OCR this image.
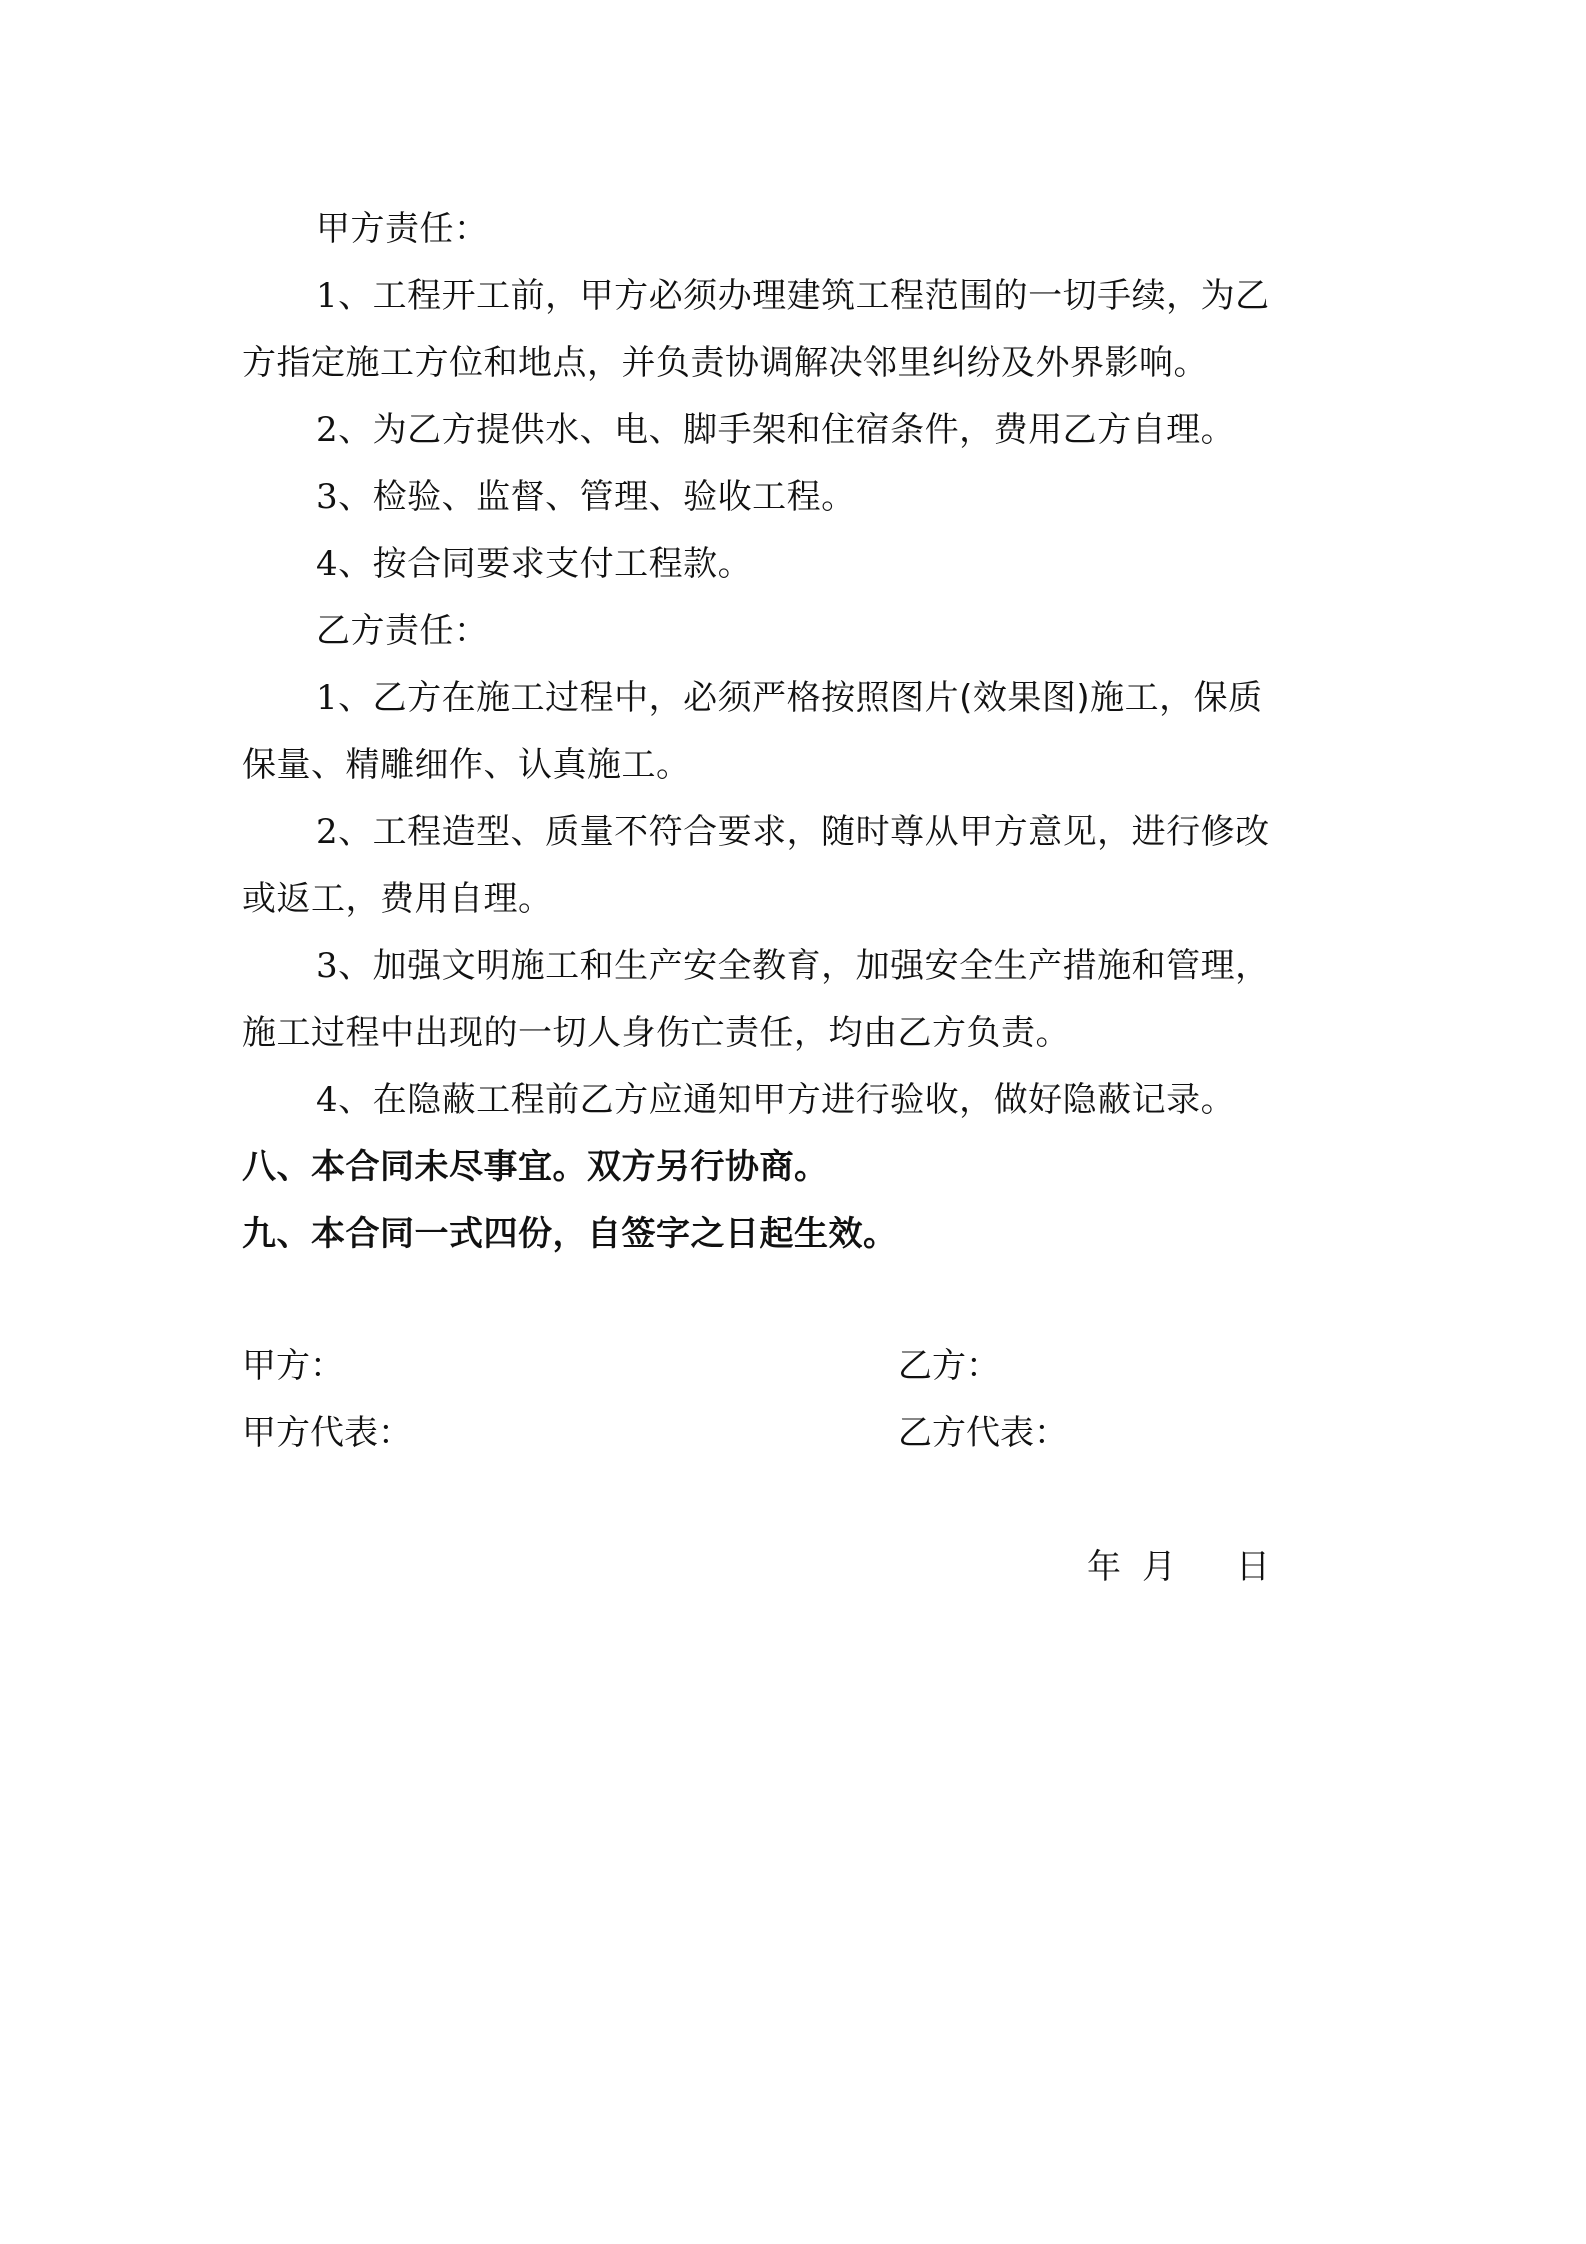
甲方责任：
1、工程开工前，甲方必须办理建筑工程范围的一切手续，为乙
方指定施工方位和地点，并负责协调解决邻里纠纷及外界影响。
2、为乙方提供水、电、脚手架和住宿条件，费用乙方自理。
3、检验、监督、管理、验收工程。
4、按合同要求支付工程款。
乙方责任：
1、乙方在施工过程中，必须严格按照图片(效果图)施工，保质
保量、精雕细作、认真施工。
2、工程造型、质量不符合要求，随时尊从甲方意见，进行修改
或返工，费用自理。
3、加强文明施工和生产安全教育，加强安全生产措施和管理，
施工过程中出现的一切人身伤亡责任，均由乙方负责。
4、在隐蔽工程前乙方应通知甲方进行验收，做好隐蔽记录。
八、本合同未尽事宜。双方另行协商。
九、本合同一式四份，自签字之日起生效。
甲方：	乙方：
甲方代表：	乙方代表：
年 月 日
